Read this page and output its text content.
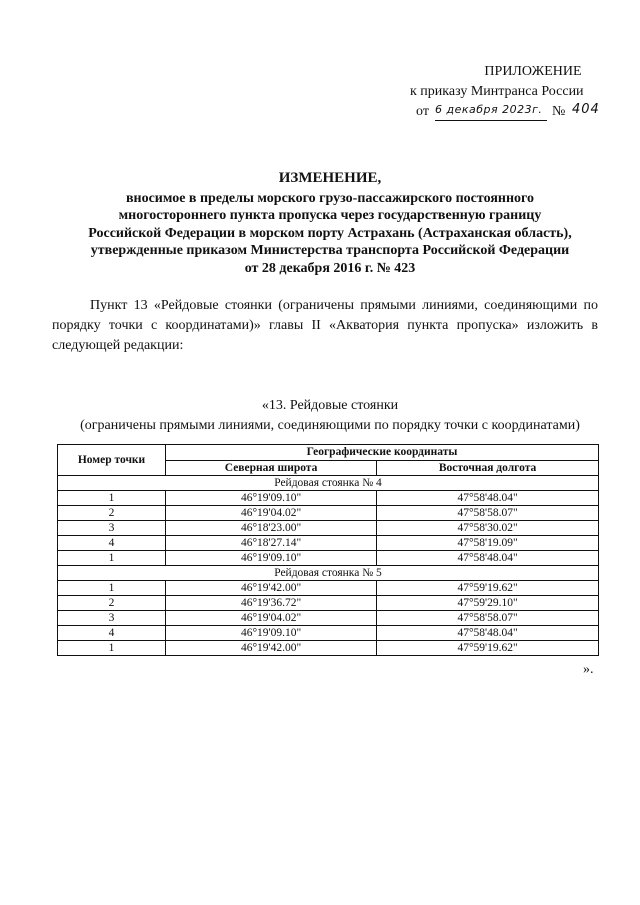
ПРИЛОЖЕНИЕ
к приказу Минтранса России
от 6 декабря 2023г. № 404
ИЗМЕНЕНИЕ,
вносимое в пределы морского грузо-пассажирского постоянного
многостороннего пункта пропуска через государственную границу
Российской Федерации в морском порту Астрахань (Астраханская область),
утвержденные приказом Министерства транспорта Российской Федерации
от 28 декабря 2016 г. № 423
Пункт 13 «Рейдовые стоянки (ограничены прямыми линиями, соединяющими по порядку точки с координатами)» главы II «Акватория пункта пропуска» изложить в следующей редакции:
«13. Рейдовые стоянки
(ограничены прямыми линиями, соединяющими по порядку точки с координатами)
Номер точки	Географические координаты	
	Северная широта	Восточная долгота
Рейдовая стоянка № 4		
1	46°19'09.10"	47°58'48.04"
2	46°19'04.02"	47°58'58.07"
3	46°18'23.00"	47°58'30.02"
4	46°18'27.14"	47°58'19.09"
1	46°19'09.10"	47°58'48.04"
Рейдовая стоянка № 5		
1	46°19'42.00"	47°59'19.62"
2	46°19'36.72"	47°59'29.10"
3	46°19'04.02"	47°58'58.07"
4	46°19'09.10"	47°58'48.04"
1	46°19'42.00"	47°59'19.62"
».
